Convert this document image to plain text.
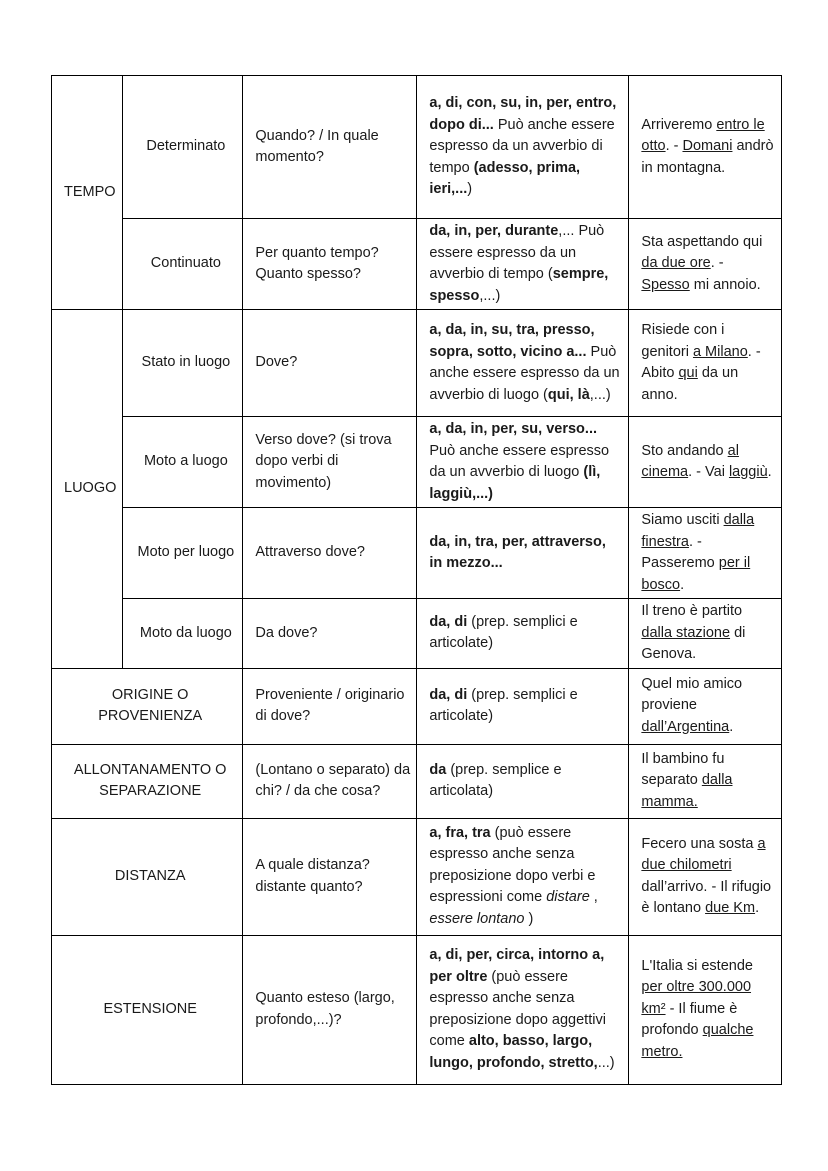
TEMPO	Determinato	Quando? / In quale momento?	a, di, con, su, in, per, entro, dopo di... Può anche essere espresso da un avverbio di tempo (adesso, prima, ieri,...)	Arriveremo entro le otto. - Domani andrò in montagna.
	Continuato	Per quanto tempo? Quanto spesso?	da, in, per, durante,... Può essere espresso da un avverbio di tempo (sempre, spesso,...)	Sta aspettando qui da due ore. - Spesso mi annoio.
LUOGO	Stato in luogo	Dove?	a, da, in, su, tra, presso, sopra, sotto, vicino a... Può anche essere espresso da un avverbio di luogo (qui, là,...)	Risiede con i genitori a Milano. - Abito qui da un anno.
	Moto a luogo	Verso dove? (si trova dopo verbi di movimento)	a, da, in, per, su, verso... Può anche essere espresso da un avverbio di luogo (lì, laggiù,...)	Sto andando al cinema. - Vai laggiù.
	Moto per luogo	Attraverso dove?	da, in, tra, per, attraverso, in mezzo...	Siamo usciti dalla finestra. - Passeremo per il bosco.
	Moto da luogo	Da dove?	da, di (prep. semplici e articolate)	Il treno è partito dalla stazione di Genova.
ORIGINE O PROVENIENZA		Proveniente / originario di dove?	da, di (prep. semplici e articolate)	Quel mio amico proviene dall’Argentina.
ALLONTANAMENTO O SEPARAZIONE		(Lontano o separato) da chi? / da che cosa?	da (prep. semplice e articolata)	Il bambino fu separato dalla mamma.
DISTANZA		A quale distanza? distante quanto?	a, fra, tra (può essere espresso anche senza preposizione dopo verbi e espressioni come distare , essere lontano )	Fecero una sosta a due chilometri dall’arrivo. - Il rifugio è lontano due Km.
ESTENSIONE		Quanto esteso (largo, profondo,...)?	a, di, per, circa, intorno a, per oltre (può essere espresso anche senza preposizione dopo aggettivi come alto, basso, largo, lungo, profondo, stretto,...)	L'Italia si estende per oltre 300.000 km² - Il fiume è profondo qualche metro.
